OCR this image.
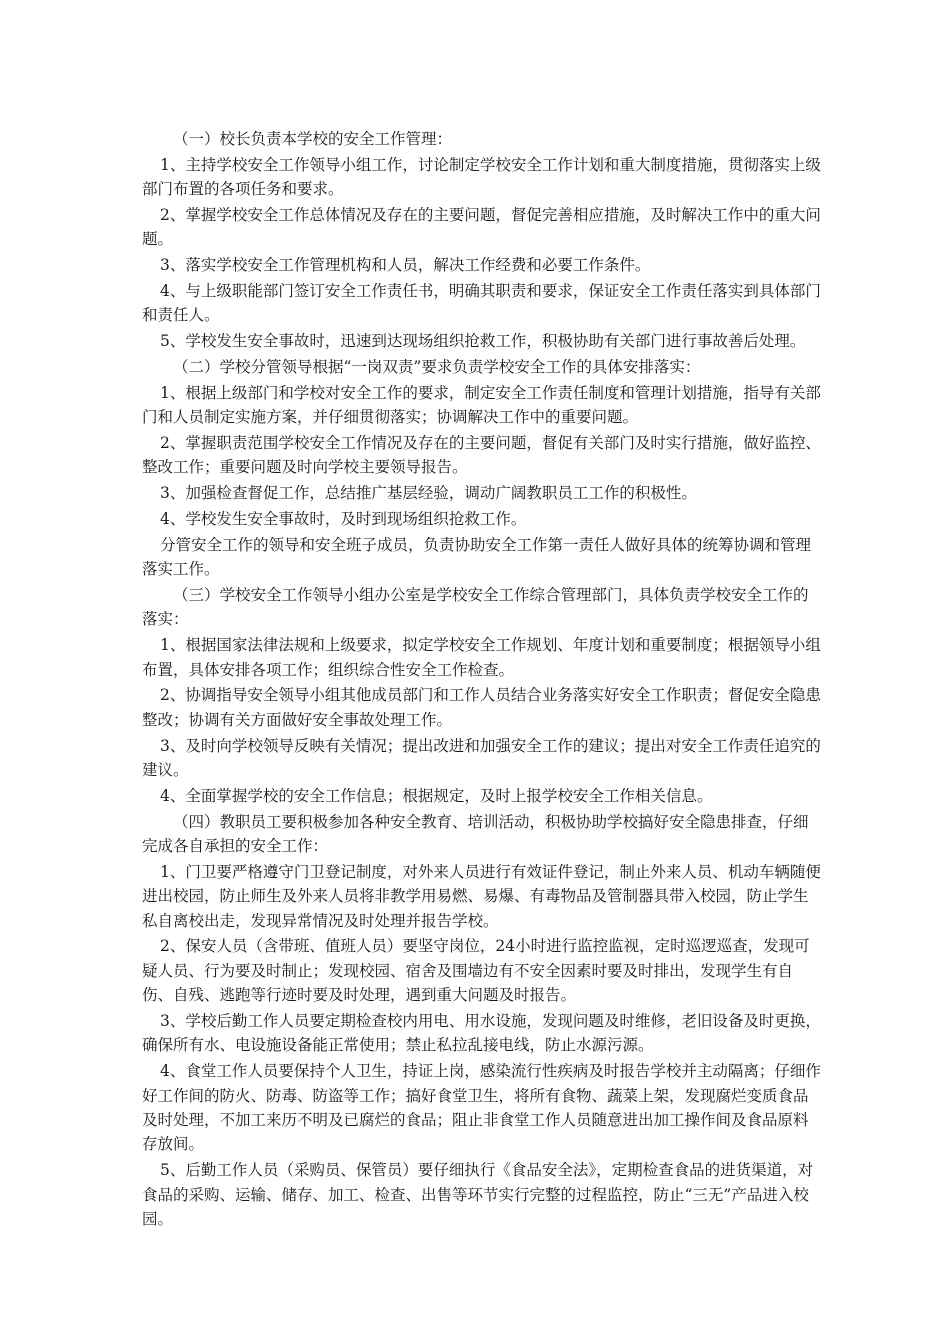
（一）校长负责本学校的安全工作管理：

1、主持学校安全工作领导小组工作，讨论制定学校安全工作计划和重大制度措施，贯彻落实上级部门布置的各项任务和要求。

2、掌握学校安全工作总体情况及存在的主要问题，督促完善相应措施，及时解决工作中的重大问题。

3、落实学校安全工作管理机构和人员，解决工作经费和必要工作条件。

4、与上级职能部门签订安全工作责任书，明确其职责和要求，保证安全工作责任落实到具体部门和责任人。

5、学校发生安全事故时，迅速到达现场组织抢救工作，积极协助有关部门进行事故善后处理。

（二）学校分管领导根据“一岗双责”要求负责学校安全工作的具体安排落实：

1、根据上级部门和学校对安全工作的要求，制定安全工作责任制度和管理计划措施，指导有关部门和人员制定实施方案，并仔细贯彻落实；协调解决工作中的重要问题。

2、掌握职责范围学校安全工作情况及存在的主要问题，督促有关部门及时实行措施，做好监控、整改工作；重要问题及时向学校主要领导报告。

3、加强检查督促工作，总结推广基层经验，调动广阔教职员工工作的积极性。

4、学校发生安全事故时，及时到现场组织抢救工作。

分管安全工作的领导和安全班子成员，负责协助安全工作第一责任人做好具体的统筹协调和管理落实工作。

（三）学校安全工作领导小组办公室是学校安全工作综合管理部门，具体负责学校安全工作的落实：

1、根据国家法律法规和上级要求，拟定学校安全工作规划、年度计划和重要制度；根据领导小组布置，具体安排各项工作；组织综合性安全工作检查。

2、协调指导安全领导小组其他成员部门和工作人员结合业务落实好安全工作职责；督促安全隐患整改；协调有关方面做好安全事故处理工作。

3、及时向学校领导反映有关情况；提出改进和加强安全工作的建议；提出对安全工作责任追究的建议。

4、全面掌握学校的安全工作信息；根据规定，及时上报学校安全工作相关信息。

（四）教职员工要积极参加各种安全教育、培训活动，积极协助学校搞好安全隐患排查，仔细完成各自承担的安全工作：

1、门卫要严格遵守门卫登记制度，对外来人员进行有效证件登记，制止外来人员、机动车辆随便进出校园，防止师生及外来人员将非教学用易燃、易爆、有毒物品及管制器具带入校园，防止学生私自离校出走，发现异常情况及时处理并报告学校。

2、保安人员（含带班、值班人员）要坚守岗位，24小时进行监控监视，定时巡逻巡查，发现可疑人员、行为要及时制止；发现校园、宿舍及围墙边有不安全因素时要及时排出，发现学生有自伤、自残、逃跑等行迹时要及时处理，遇到重大问题及时报告。

3、学校后勤工作人员要定期检查校内用电、用水设施，发现问题及时维修，老旧设备及时更换，确保所有水、电设施设备能正常使用；禁止私拉乱接电线，防止水源污源。

4、食堂工作人员要保持个人卫生，持证上岗，感染流行性疾病及时报告学校并主动隔离；仔细作好工作间的防火、防毒、防盗等工作；搞好食堂卫生，将所有食物、蔬菜上架，发现腐烂变质食品及时处理，不加工来历不明及已腐烂的食品；阻止非食堂工作人员随意进出加工操作间及食品原料存放间。

5、后勤工作人员（采购员、保管员）要仔细执行《食品安全法》，定期检查食品的进货渠道，对食品的采购、运输、储存、加工、检查、出售等环节实行完整的过程监控，防止“三无”产品进入校园。
